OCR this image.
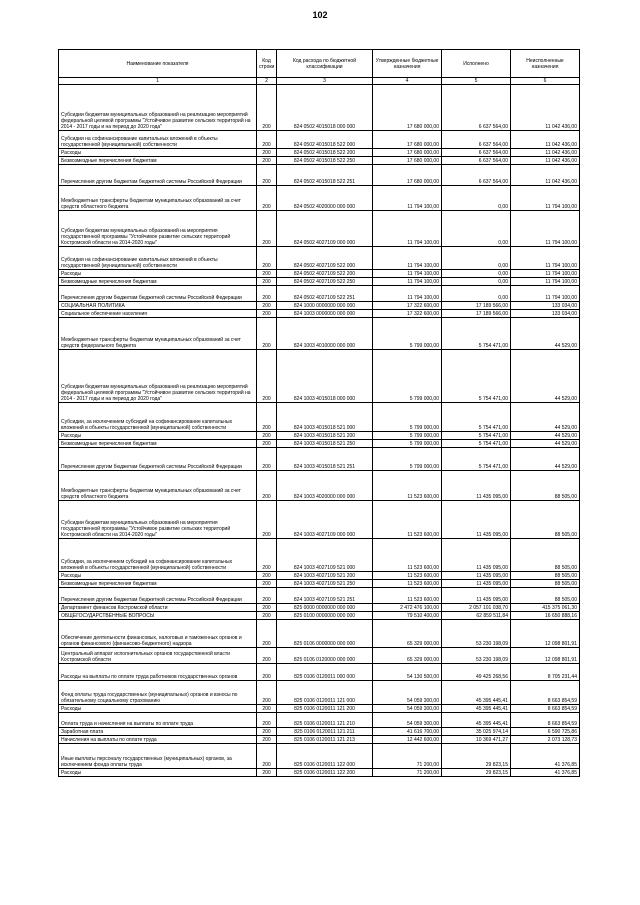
102
Наименование показателя	Код строки	Код расхода по бюджетной классификации	Утвержденные бюджетные назначения	Исполнено	Неисполненные назначения
1	2	3	4	5	6
Субсидии бюджетам муниципальных образований на реализацию мероприятий федеральной целевой программы "Устойчивое развитие сельских территорий на 2014 - 2017 годы и на период до 2020 года"	200	824 0502 4015018 000 000	17 680 000,00	6 637 564,00	11 042 436,00
Субсидии на софинансирование капитальных вложений в объекты государственной (муниципальной) собственности	200	824 0502 4015018 522 000	17 680 000,00	6 637 564,00	11 042 436,00
Расходы	200	824 0502 4015018 522 200	17 680 000,00	6 637 564,00	11 042 436,00
Безвозмездные перечисления бюджетам	200	824 0502 4015018 522 250	17 680 000,00	6 637 564,00	11 042 436,00
Перечисления другим бюджетам бюджетной системы Российской Федерации	200	824 0502 4015018 522 251	17 680 000,00	6 637 564,00	11 042 436,00
Межбюджетные трансферты бюджетам муниципальных образований за счет средств областного бюджета	200	824 0502 4020000 000 000	11 794 100,00	0,00	11 794 100,00
Субсидии бюджетам муниципальных образований на мероприятия государственной программы "Устойчивое развитие сельских территорий Костромской области на 2014-2020 годы"	200	824 0502 4027109 000 000	11 794 100,00	0,00	11 794 100,00
Субсидии на софинансирование капитальных вложений в объекты государственной (муниципальной) собственности	200	824 0502 4027109 522 000	11 794 100,00	0,00	11 794 100,00
Расходы	200	824 0502 4027109 522 200	11 794 100,00	0,00	11 794 100,00
Безвозмездные перечисления бюджетам	200	824 0502 4027109 522 250	11 794 100,00	0,00	11 794 100,00
Перечисления другим бюджетам бюджетной системы Российской Федерации	200	824 0502 4027109 522 251	11 794 100,00	0,00	11 794 100,00
СОЦИАЛЬНАЯ ПОЛИТИКА	200	824 1000 0000000 000 000	17 322 600,00	17 189 566,00	133 034,00
Социальное обеспечение населения	200	824 1003 0000000 000 000	17 322 600,00	17 189 566,00	133 034,00
Межбюджетные трансферты бюджетам муниципальных образований за счет средств федерального бюджета	200	824 1003 4010000 000 000	5 799 000,00	5 754 471,00	44 529,00
Субсидии бюджетам муниципальных образований на реализацию мероприятий федеральной целевой программы "Устойчивое развитие сельских территорий на 2014 - 2017 годы и на период до 2020 года"	200	824 1003 4015018 000 000	5 799 000,00	5 754 471,00	44 529,00
Субсидии, за исключением субсидий на софинансирование капитальных вложений в объекты государственной (муниципальной) собственности	200	824 1003 4015018 521 000	5 799 000,00	5 754 471,00	44 529,00
Расходы	200	824 1003 4015018 521 200	5 799 000,00	5 754 471,00	44 529,00
Безвозмездные перечисления бюджетам	200	824 1003 4015018 521 250	5 799 000,00	5 754 471,00	44 529,00
Перечисления другим бюджетам бюджетной системы Российской Федерации	200	824 1003 4015018 521 251	5 799 000,00	5 754 471,00	44 529,00
Межбюджетные трансферты бюджетам муниципальных образований за счет средств областного бюджета	200	824 1003 4020000 000 000	11 523 600,00	11 435 095,00	88 505,00
Субсидии бюджетам муниципальных образований на мероприятия государственной программы "Устойчивое развитие сельских территорий Костромской области на 2014-2020 годы"	200	824 1003 4027109 000 000	11 523 600,00	11 435 095,00	88 505,00
Субсидии, за исключением субсидий на софинансирование капитальных вложений в объекты государственной (муниципальной) собственности	200	824 1003 4027109 521 000	11 523 600,00	11 435 095,00	88 505,00
Расходы	200	824 1003 4027109 521 200	11 523 600,00	11 435 095,00	88 505,00
Безвозмездные перечисления бюджетам	200	824 1003 4027109 521 250	11 523 600,00	11 435 095,00	88 505,00
Перечисления другим бюджетам бюджетной системы Российской Федерации	200	824 1003 4027109 521 251	11 523 600,00	11 435 095,00	88 505,00
Департамент финансов Костромской области	200	825 0000 0000000 000 000	2 472 476 100,00	2 057 101 038,70	415 375 061,30
ОБЩЕГОСУДАРСТВЕННЫЕ ВОПРОСЫ	200	825 0100 0000000 000 000	79 510 400,00	62 859 511,84	16 650 888,16
Обеспечение деятельности финансовых, налоговых и таможенных органов и органов финансового (финансово-бюджетного) надзора	200	825 0106 0000000 000 000	65 329 000,00	53 230 198,09	12 098 801,91
Центральный аппарат исполнительных органов государственной власти Костромской области	200	825 0106 0120000 000 000	65 329 000,00	53 230 198,09	12 098 801,91
Расходы на выплаты по оплате труда работников государственных органов	200	825 0106 0120011 000 000	54 130 500,00	49 425 268,56	8 705 231,44
Фонд оплаты труда государственных (муниципальных) органов и взносы по обязательному социальному страхованию	200	825 0106 0120011 121 000	54 059 300,00	45 395 445,41	8 663 854,59
Расходы	200	825 0106 0120011 121 200	54 059 300,00	45 395 445,41	8 663 854,59
Оплата труда и начисления на выплаты по оплате труда	200	825 0106 0120011 121 210	54 059 300,00	45 395 445,41	8 663 854,59
Заработная плата	200	825 0106 0120011 121 211	41 616 700,00	35 025 974,14	6 590 725,86
Начисления на выплаты по оплате труда	200	825 0106 0120011 121 213	12 442 600,00	10 369 471,27	2 073 128,73
Иные выплаты персоналу государственных (муниципальных) органов, за исключением фонда оплаты труда	200	825 0106 0120011 122 000	71 200,00	29 823,15	41 376,85
Расходы	200	825 0106 0120011 122 200	71 200,00	29 823,15	41 376,85
